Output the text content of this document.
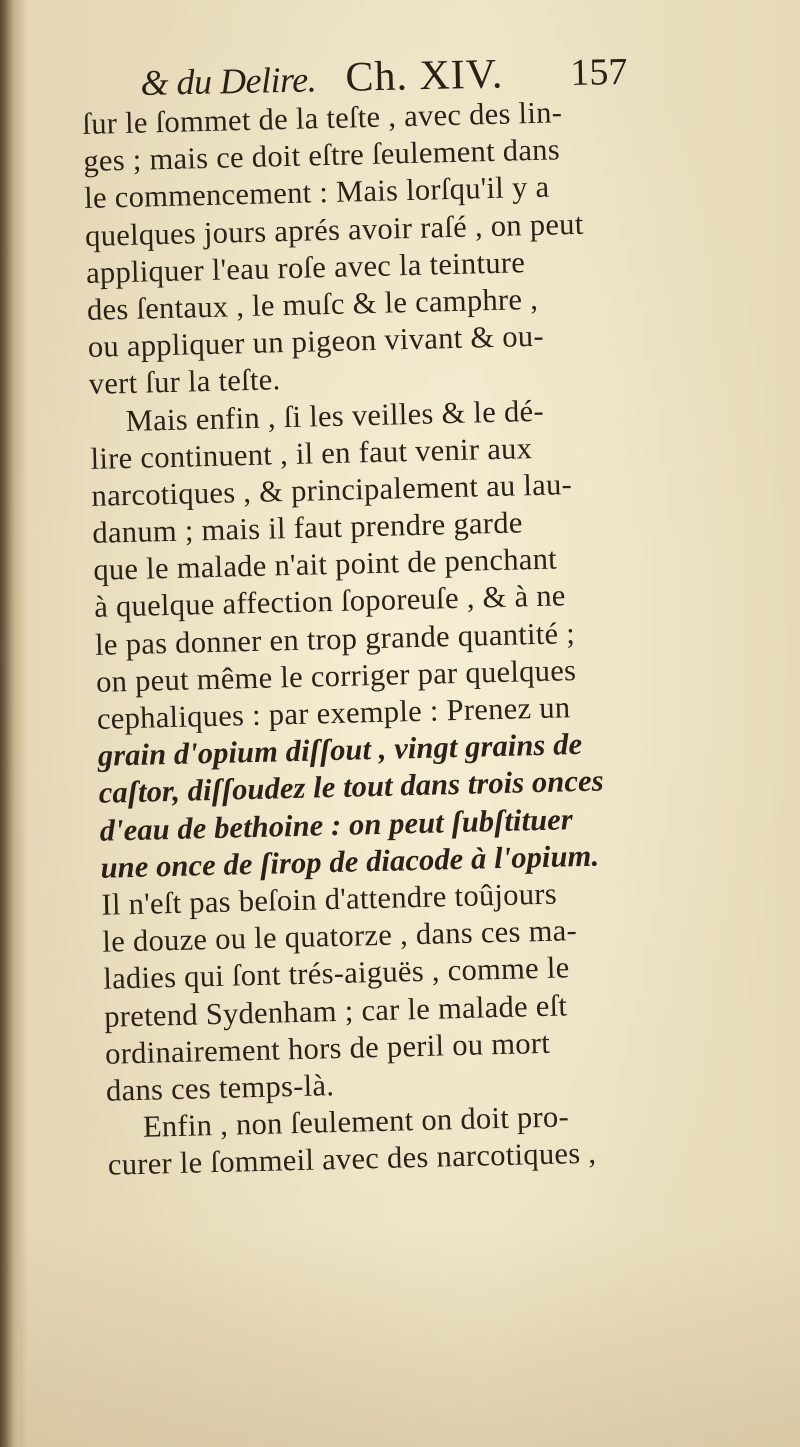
& du Delire. Ch. XIV. 157
ſur le ſommet de la teſte , avec des lin-
ges ; mais ce doit eſtre ſeulement dans
le commencement : Mais lorſqu'il y a
quelques jours aprés avoir raſé , on peut
appliquer l'eau roſe avec la teinture
des ſentaux , le muſc & le camphre ,
ou appliquer un pigeon vivant & ou-
vert ſur la teſte.
Mais enfin , ſi les veilles & le dé-
lire continuent , il en faut venir aux
narcotiques , & principalement au lau-
danum ; mais il faut prendre garde
que le malade n'ait point de penchant
à quelque affection ſoporeuſe , & à ne
le pas donner en trop grande quantité ;
on peut même le corriger par quelques
cephaliques : par exemple : Prenez un
grain d'opium diſſout , vingt grains de
caſtor, diſſoudez le tout dans trois onces
d'eau de bethoine : on peut ſubſtituer
une once de ſirop de diacode à l'opium.
Il n'eſt pas beſoin d'attendre toûjours
le douze ou le quatorze , dans ces ma-
ladies qui ſont trés-aiguës , comme le
pretend Sydenham ; car le malade eſt
ordinairement hors de peril ou mort
dans ces temps-là.
Enfin , non ſeulement on doit pro-
curer le ſommeil avec des narcotiques ,
